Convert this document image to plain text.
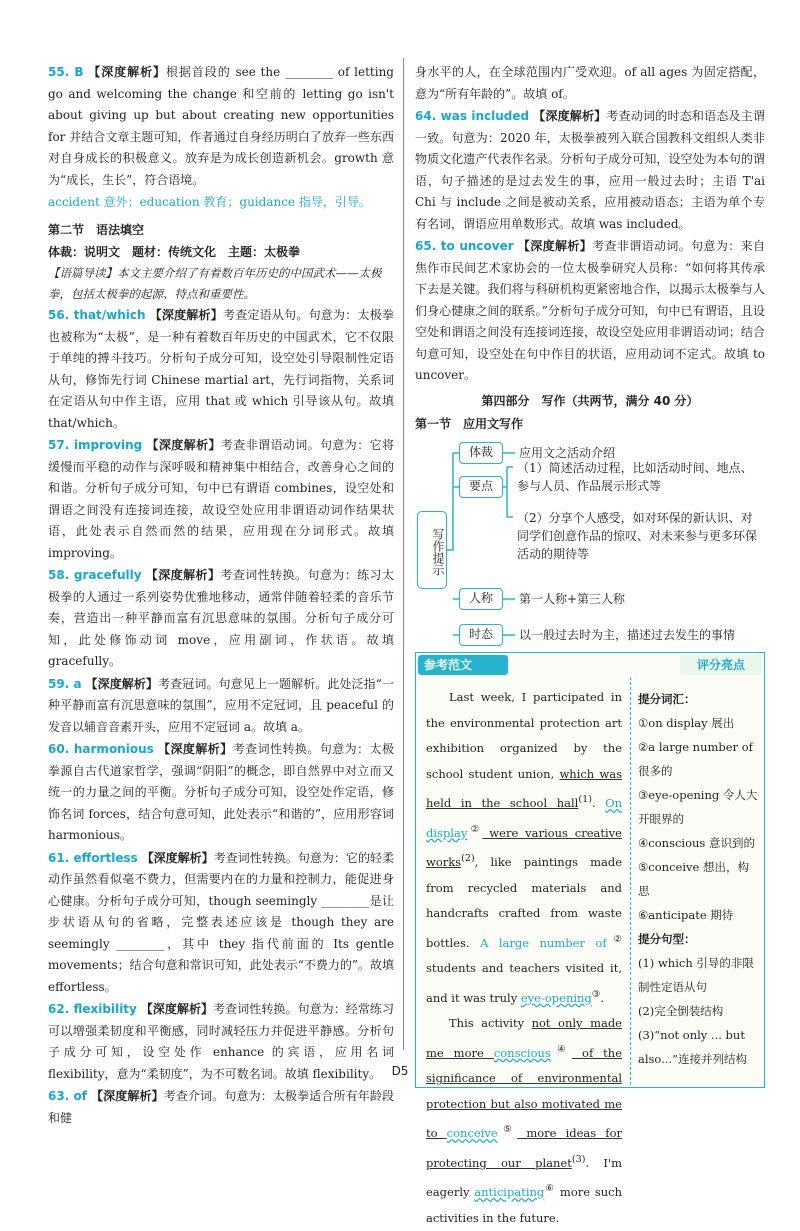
55. B 【深度解析】根据首段的 see the ________ of letting go and welcoming the change 和空前的 letting go isn't about giving up but about creating new opportunities for 并结合文章主题可知，作者通过自身经历明白了放弃一些东西对自身成长的积极意义。放弃是为成长创造新机会。growth 意为“成长，生长”，符合语境。
accident 意外；education 教育；guidance 指导，引导。
第二节　语法填空
体裁：说明文　题材：传统文化　主题：太极拳
【语篇导读】本文主要介绍了有着数百年历史的中国武术——太极拳，包括太极拳的起源、特点和重要性。
56. that/which 【深度解析】考查定语从句。句意为：太极拳也被称为“太极”，是一种有着数百年历史的中国武术，它不仅限于单纯的搏斗技巧。分析句子成分可知，设空处引导限制性定语从句，修饰先行词 Chinese martial art，先行词指物，关系词在定语从句中作主语，应用 that 或 which 引导该从句。故填 that/which。
57. improving 【深度解析】考查非谓语动词。句意为：它将缓慢而平稳的动作与深呼吸和精神集中相结合，改善身心之间的和谐。分析句子成分可知，句中已有谓语 combines，设空处和谓语之间没有连接词连接，故设空处应用非谓语动词作结果状语，此处表示自然而然的结果，应用现在分词形式。故填 improving。
58. gracefully 【深度解析】考查词性转换。句意为：练习太极拳的人通过一系列姿势优雅地移动，通常伴随着轻柔的音乐节奏，营造出一种平静而富有沉思意味的氛围。分析句子成分可知，此处修饰动词 move，应用副词，作状语。故填 gracefully。
59. a 【深度解析】考查冠词。句意见上一题解析。此处泛指“一种平静而富有沉思意味的氛围”，应用不定冠词，且 peaceful 的发音以辅音音素开头，应用不定冠词 a。故填 a。
60. harmonious 【深度解析】考查词性转换。句意为：太极拳源自古代道家哲学，强调“阴阳”的概念，即自然界中对立而又统一的力量之间的平衡。分析句子成分可知，设空处作定语，修饰名词 forces，结合句意可知，此处表示“和谐的”，应用形容词 harmonious。
61. effortless 【深度解析】考查词性转换。句意为：它的轻柔动作虽然看似毫不费力，但需要内在的力量和控制力，能促进身心健康。分析句子成分可知，though seemingly ________是让步状语从句的省略，完整表述应该是 though they are seemingly ________，其中 they 指代前面的 Its gentle movements；结合句意和常识可知，此处表示“不费力的”。故填 effortless。
62. flexibility 【深度解析】考查词性转换。句意为：经常练习可以增强柔韧度和平衡感，同时减轻压力并促进平静感。分析句子成分可知，设空处作 enhance 的宾语，应用名词 flexibility，意为“柔韧度”，为不可数名词。故填 flexibility。
63. of 【深度解析】考查介词。句意为：太极拳适合所有年龄段和健
身水平的人，在全球范围内广受欢迎。of all ages 为固定搭配，意为“所有年龄的”。故填 of。
64. was included 【深度解析】考查动词的时态和语态及主谓一致。句意为：2020 年，太极拳被列入联合国教科文组织人类非物质文化遗产代表作名录。分析句子成分可知，设空处为本句的谓语，句子描述的是过去发生的事，应用一般过去时；主语 T'ai Chi 与 include 之间是被动关系，应用被动语态；主语为单个专有名词，谓语应用单数形式。故填 was included。
65. to uncover 【深度解析】考查非谓语动词。句意为：来自焦作市民间艺术家协会的一位太极拳研究人员称：“如何将其传承下去是关键。我们将与科研机构更紧密地合作，以揭示太极拳与人们身心健康之间的联系。”分析句子成分可知，句中已有谓语，且设空处和谓语之间没有连接词连接，故设空处应用非谓语动词；结合句意可知，设空处在句中作目的状语，应用动词不定式。故填 to uncover。
第四部分　写作（共两节，满分 40 分）
第一节　应用文写作
写作提示
体裁	应用文之活动介绍
要点
（1）简述活动过程，比如活动时间、地点、参与人员、作品展示形式等
（2）分享个人感受，如对环保的新认识、对同学们创意作品的惊叹、对未来参与更多环保活动的期待等
人称	第一人称+第三人称
时态	以一般过去时为主，描述过去发生的事情
参考范文	评分亮点

Last week, I participated in the environmental protection art exhibition organized by the school student union, which was held in the school hall$^{(1)}$. On display② were various creative works$^{(2)}$, like paintings made from recycled materials and handcrafts crafted from waste bottles. A large number of② students and teachers visited it, and it was truly eye-opening③.

This activity not only made me more conscious④ of the significance of environmental protection but also motivated me to conceive⑤ more ideas for protecting our planet$^{(3)}$. I'm eagerly anticipating⑥ more such activities in the future.

提分词汇：
①on display 展出
②a large number of 很多的
③eye-opening 令人大开眼界的
④conscious 意识到的
⑤conceive 想出，构思
⑥anticipate 期待
提分句型：
(1) which 引导的非限制性定语从句
(2)完全倒装结构
(3)“not only ... but also...”连接并列结构
D5
